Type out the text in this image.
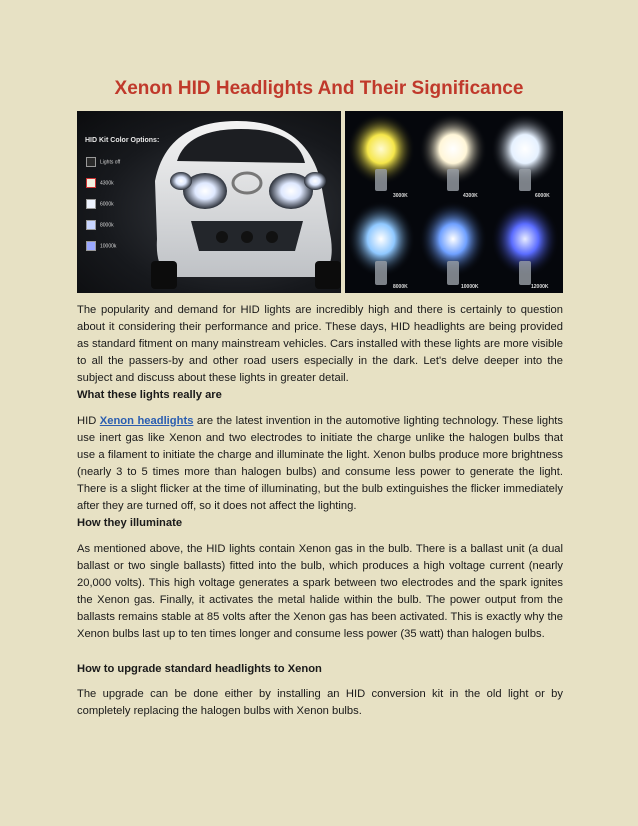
Xenon HID Headlights And Their Significance
HID Kit Color Options:
Lights off
4300k
6000k
8000k
10000k
3000K	4300K	6000K
8000K	10000K	12000K

The popularity and demand for HID lights are incredibly high and there is certainly to question about it considering their performance and price. These days, HID headlights are being provided as standard fitment on many mainstream vehicles. Cars installed with these lights are more visible to all the passers-by and other road users especially in the dark. Let's delve deeper into the subject and discuss about these lights in greater detail.

What these lights really are

HID Xenon headlights are the latest invention in the automotive lighting technology. These lights use inert gas like Xenon and two electrodes to initiate the charge unlike the halogen bulbs that use a filament to initiate the charge and illuminate the light. Xenon bulbs produce more brightness (nearly 3 to 5 times more than halogen bulbs) and consume less power to generate the light. There is a slight flicker at the time of illuminating, but the bulb extinguishes the flicker immediately after they are turned off, so it does not affect the lighting.

How they illuminate

As mentioned above, the HID lights contain Xenon gas in the bulb. There is a ballast unit (a dual ballast or two single ballasts) fitted into the bulb, which produces a high voltage current (nearly 20,000 volts). This high voltage generates a spark between two electrodes and the spark ignites the Xenon gas. Finally, it activates the metal halide within the bulb. The power output from the ballasts remains stable at 85 volts after the Xenon gas has been activated. This is exactly why the Xenon bulbs last up to ten times longer and consume less power (35 watt) than halogen bulbs.

How to upgrade standard headlights to Xenon

The upgrade can be done either by installing an HID conversion kit in the old light or by completely replacing the halogen bulbs with Xenon bulbs.
